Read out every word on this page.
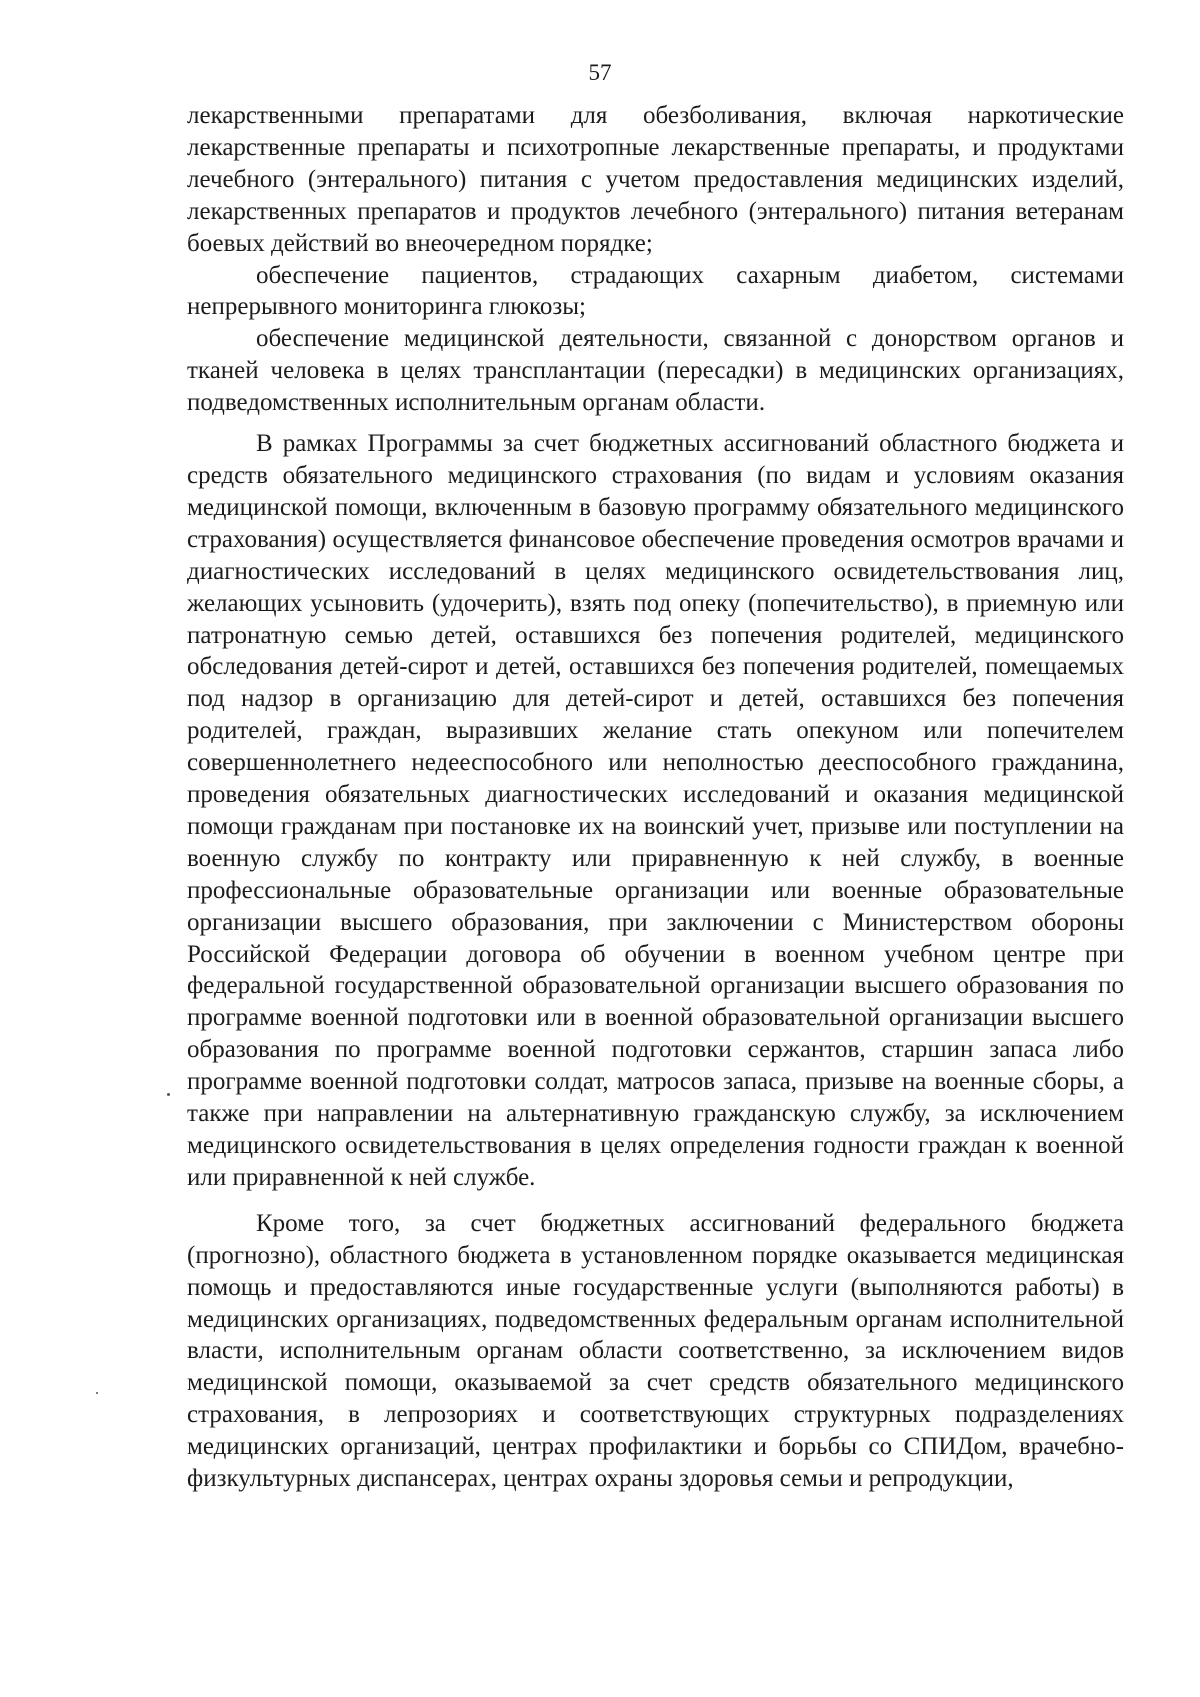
57

лекарственными препаратами для обезболивания, включая наркотические лекарственные препараты и психотропные лекарственные препараты, и продуктами лечебного (энтерального) питания с учетом предоставления медицинских изделий, лекарственных препаратов и продуктов лечебного (энтерального) питания ветеранам боевых действий во внеочередном порядке;

обеспечение пациентов, страдающих сахарным диабетом, системами непрерывного мониторинга глюкозы;

обеспечение медицинской деятельности, связанной с донорством органов и тканей человека в целях трансплантации (пересадки) в медицинских организациях, подведомственных исполнительным органам области.

В рамках Программы за счет бюджетных ассигнований областного бюджета и средств обязательного медицинского страхования (по видам и условиям оказания медицинской помощи, включенным в базовую программу обязательного медицинского страхования) осуществляется финансовое обеспечение проведения осмотров врачами и диагностических исследований в целях медицинского освидетельствования лиц, желающих усыновить (удочерить), взять под опеку (попечительство), в приемную или патронатную семью детей, оставшихся без попечения родителей, медицинского обследования детей-сирот и детей, оставшихся без попечения родителей, помещаемых под надзор в организацию для детей-сирот и детей, оставшихся без попечения родителей, граждан, выразивших желание стать опекуном или попечителем совершеннолетнего недееспособного или неполностью дееспособного гражданина, проведения обязательных диагностических исследований и оказания медицинской помощи гражданам при постановке их на воинский учет, призыве или поступлении на военную службу по контракту или приравненную к ней службу, в военные профессиональные образовательные организации или военные образовательные организации высшего образования, при заключении с Министерством обороны Российской Федерации договора об обучении в военном учебном центре при федеральной государственной образовательной организации высшего образования по программе военной подготовки или в военной образовательной организации высшего образования по программе военной подготовки сержантов, старшин запаса либо программе военной подготовки солдат, матросов запаса, призыве на военные сборы, а также при направлении на альтернативную гражданскую службу, за исключением медицинского освидетельствования в целях определения годности граждан к военной или приравненной к ней службе.

Кроме того, за счет бюджетных ассигнований федерального бюджета (прогнозно), областного бюджета в установленном порядке оказывается медицинская помощь и предоставляются иные государственные услуги (выполняются работы) в медицинских организациях, подведомственных федеральным органам исполнительной власти, исполнительным органам области соответственно, за исключением видов медицинской помощи, оказываемой за счет средств обязательного медицинского страхования, в лепрозориях и соответствующих структурных подразделениях медицинских организаций, центрах профилактики и борьбы со СПИДом, врачебно-физкультурных диспансерах, центрах охраны здоровья семьи и репродукции,
